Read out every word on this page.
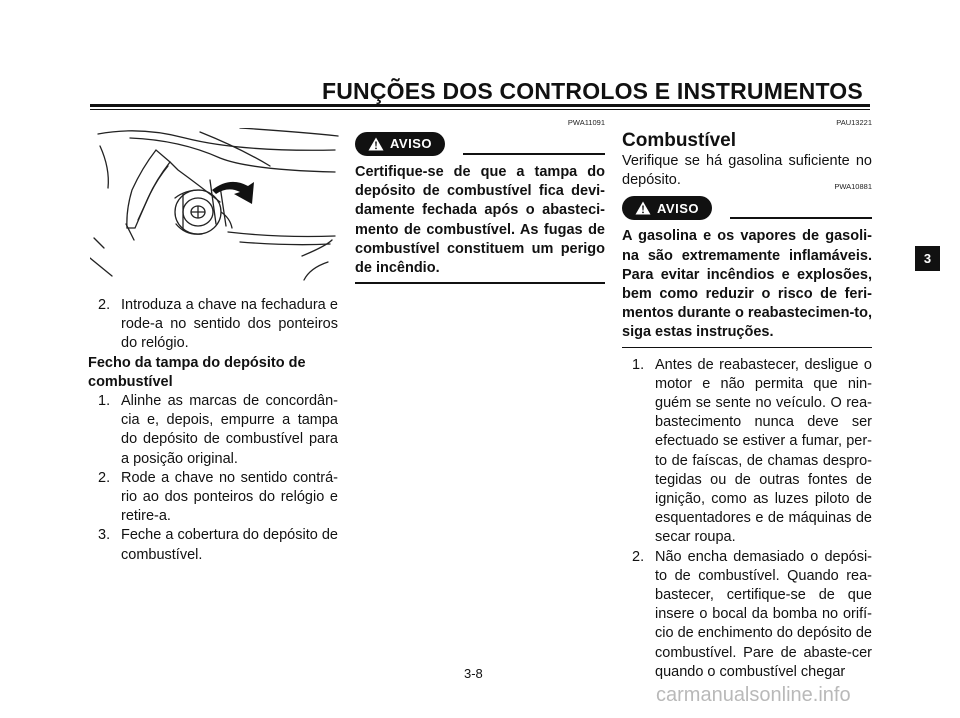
FUNÇÕES DOS CONTROLOS E INSTRUMENTOS
2. Introduza a chave na fechadura e rode-a no sentido dos ponteiros do relógio.
Fecho da tampa do depósito de combustível
1. Alinhe as marcas de concordân-cia e, depois, empurre a tampa do depósito de combustível para a posição original.
2. Rode a chave no sentido contrá-rio ao dos ponteiros do relógio e retire-a.
3. Feche a cobertura do depósito de combustível.
PWA11091
AVISO
Certifique-se de que a tampa do depósito de combustível fica devi-damente fechada após o abasteci-mento de combustível. As fugas de combustível constituem um perigo de incêndio.
PAU13221
Combustível
Verifique se há gasolina suficiente no depósito.	PWA10881
AVISO
A gasolina e os vapores de gasoli-na são extremamente inflamáveis. Para evitar incêndios e explosões, bem como reduzir o risco de feri-mentos durante o reabastecimen-to, siga estas instruções.
1. Antes de reabastecer, desligue o motor e não permita que nin-guém se sente no veículo. O rea-bastecimento nunca deve ser efectuado se estiver a fumar, per-to de faíscas, de chamas despro-tegidas ou de outras fontes de ignição, como as luzes piloto de esquentadores e de máquinas de secar roupa.
2. Não encha demasiado o depósi-to de combustível. Quando rea-bastecer, certifique-se de que insere o bocal da bomba no orifí-cio de enchimento do depósito de combustível. Pare de abaste-cer quando o combustível chegar
3-8
3
carmanualsonline.info
